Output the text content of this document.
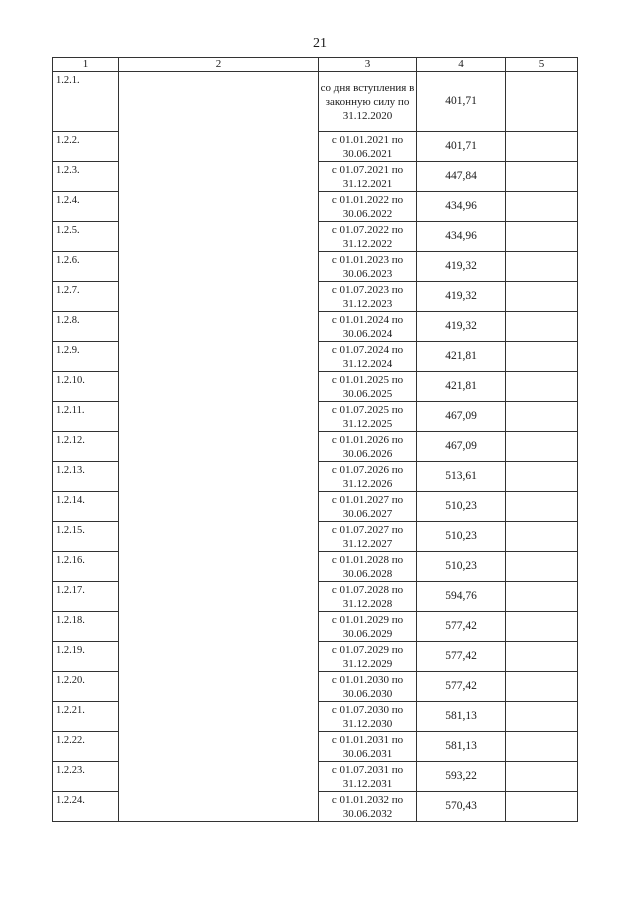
21
1	2	3	4	5
1.2.1.		со дня вступления в законную силу по 31.12.2020	401,71	
1.2.2.		с 01.01.2021 по 30.06.2021	401,71	
1.2.3.		с 01.07.2021 по 31.12.2021	447,84	
1.2.4.		с 01.01.2022 по 30.06.2022	434,96	
1.2.5.		с 01.07.2022 по 31.12.2022	434,96	
1.2.6.		с 01.01.2023 по 30.06.2023	419,32	
1.2.7.		с 01.07.2023 по 31.12.2023	419,32	
1.2.8.		с 01.01.2024 по 30.06.2024	419,32	
1.2.9.		с 01.07.2024 по 31.12.2024	421,81	
1.2.10.		с 01.01.2025 по 30.06.2025	421,81	
1.2.11.		с 01.07.2025 по 31.12.2025	467,09	
1.2.12.		с 01.01.2026 по 30.06.2026	467,09	
1.2.13.		с 01.07.2026 по 31.12.2026	513,61	
1.2.14.		с 01.01.2027 по 30.06.2027	510,23	
1.2.15.		с 01.07.2027 по 31.12.2027	510,23	
1.2.16.		с 01.01.2028 по 30.06.2028	510,23	
1.2.17.		с 01.07.2028 по 31.12.2028	594,76	
1.2.18.		с 01.01.2029 по 30.06.2029	577,42	
1.2.19.		с 01.07.2029 по 31.12.2029	577,42	
1.2.20.		с 01.01.2030 по 30.06.2030	577,42	
1.2.21.		с 01.07.2030 по 31.12.2030	581,13	
1.2.22.		с 01.01.2031 по 30.06.2031	581,13	
1.2.23.		с 01.07.2031 по 31.12.2031	593,22	
1.2.24.		с 01.01.2032 по 30.06.2032	570,43	
